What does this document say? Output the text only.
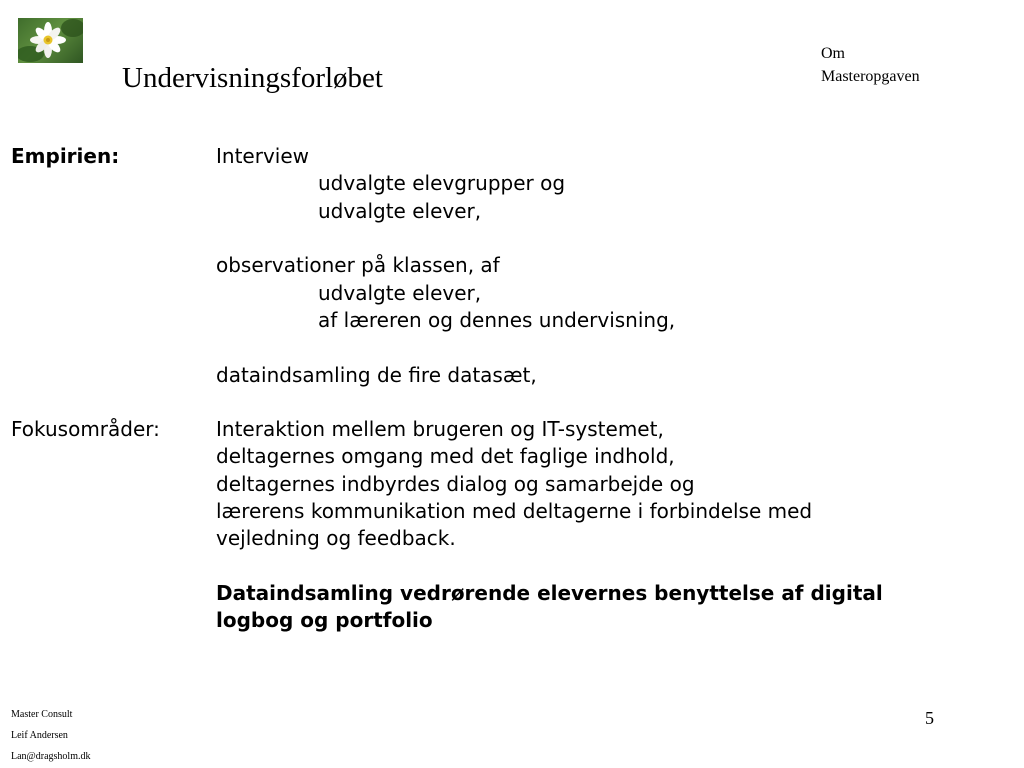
Undervisningsforløbet
Om
Masteropgaven
Empirien:	Interview
udvalgte elevgrupper og
udvalgte elever,
observationer på klassen, af
udvalgte elever,
af læreren og dennes undervisning,
dataindsamling de fire datasæt,
Fokusområder:	Interaktion mellem brugeren og IT-systemet,
deltagernes omgang med det faglige indhold,
deltagernes indbyrdes dialog og samarbejde og
lærerens kommunikation med deltagerne i forbindelse med
vejledning og feedback.
Dataindsamling vedrørende elevernes benyttelse af digital
logbog og portfolio
Master Consult
Leif Andersen
Lan@dragsholm.dk
5
